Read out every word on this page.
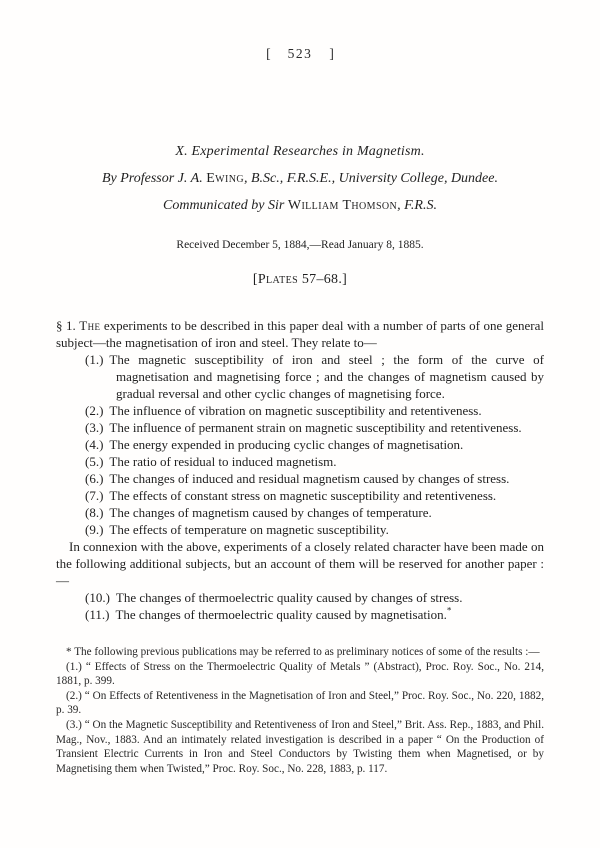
[ 523 ]

X. Experimental Researches in Magnetism.

By Professor J. A. Ewing, B.Sc., F.R.S.E., University College, Dundee.

Communicated by Sir William Thomson, F.R.S.

Received December 5, 1884,—Read January 8, 1885.

[Plates 57–68.]

§ 1. The experiments to be described in this paper deal with a number of parts of one general subject—the magnetisation of iron and steel. They relate to—

(1.) The magnetic susceptibility of iron and steel ; the form of the curve of magnetisation and magnetising force ; and the changes of magnetism caused by gradual reversal and other cyclic changes of magnetising force.

(2.) The influence of vibration on magnetic susceptibility and retentiveness.

(3.) The influence of permanent strain on magnetic susceptibility and retentiveness.

(4.) The energy expended in producing cyclic changes of magnetisation.

(5.) The ratio of residual to induced magnetism.

(6.) The changes of induced and residual magnetism caused by changes of stress.

(7.) The effects of constant stress on magnetic susceptibility and retentiveness.

(8.) The changes of magnetism caused by changes of temperature.

(9.) The effects of temperature on magnetic susceptibility.

In connexion with the above, experiments of a closely related character have been made on the following additional subjects, but an account of them will be reserved for another paper :—

(10.) The changes of thermoelectric quality caused by changes of stress.

(11.) The changes of thermoelectric quality caused by magnetisation.*

* The following previous publications may be referred to as preliminary notices of some of the results :—

(1.) “ Effects of Stress on the Thermoelectric Quality of Metals ” (Abstract), Proc. Roy. Soc., No. 214, 1881, p. 399.

(2.) “ On Effects of Retentiveness in the Magnetisation of Iron and Steel,” Proc. Roy. Soc., No. 220, 1882, p. 39.

(3.) “ On the Magnetic Susceptibility and Retentiveness of Iron and Steel,” Brit. Ass. Rep., 1883, and Phil. Mag., Nov., 1883. And an intimately related investigation is described in a paper “ On the Production of Transient Electric Currents in Iron and Steel Conductors by Twisting them when Magnetised, or by Magnetising them when Twisted,” Proc. Roy. Soc., No. 228, 1883, p. 117.
